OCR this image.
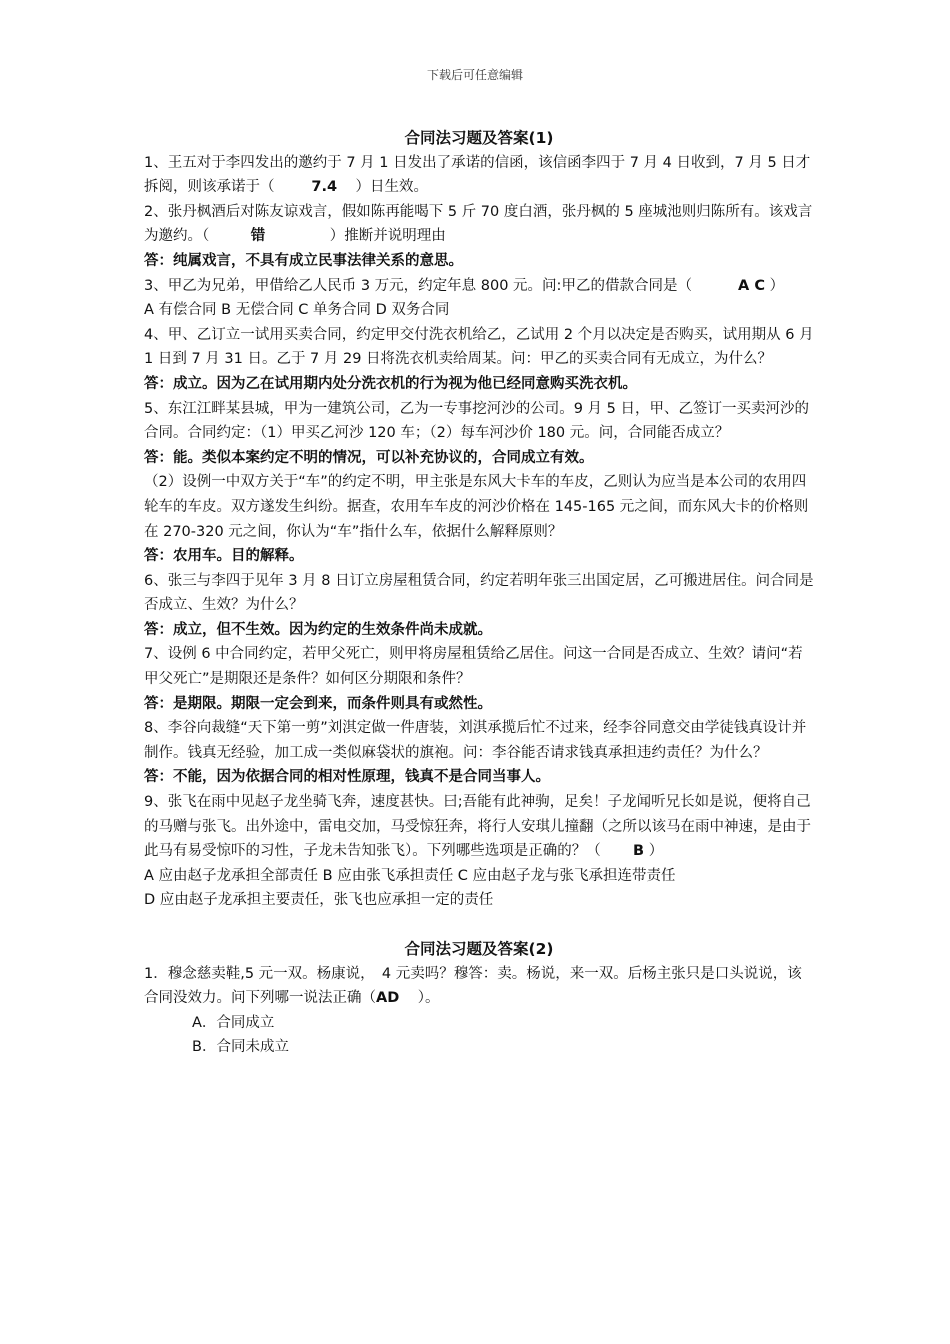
下载后可任意编辑

合同法习题及答案(1)

1、王五对于李四发出的邀约于 7 月 1 日发出了承诺的信函，该信函李四于 7 月 4 日收到，7 月 5 日才拆阅，则该承诺于（	7.4 ）日生效。

2、张丹枫酒后对陈友谅戏言，假如陈再能喝下 5 斤 70 度白酒，张丹枫的 5 座城池则归陈所有。该戏言为邀约。（	错	）推断并说明理由

答：纯属戏言，不具有成立民事法律关系的意思。

3、甲乙为兄弟，甲借给乙人民币 3 万元，约定年息 800 元。问:甲乙的借款合同是（	A C ）

A 有偿合同 B 无偿合同 C 单务合同 D 双务合同

4、甲、乙订立一试用买卖合同，约定甲交付洗衣机给乙，乙试用 2 个月以决定是否购买，试用期从 6 月 1 日到 7 月 31 日。乙于 7 月 29 日将洗衣机卖给周某。问：甲乙的买卖合同有无成立，为什么？

答：成立。因为乙在试用期内处分洗衣机的行为视为他已经同意购买洗衣机。

5、东江江畔某县城，甲为一建筑公司，乙为一专事挖河沙的公司。9 月 5 日，甲、乙签订一买卖河沙的合同。合同约定：（1）甲买乙河沙 120 车；（2）每车河沙价 180 元。问，合同能否成立？

答：能。类似本案约定不明的情况，可以补充协议的，合同成立有效。

（2）设例一中双方关于“车”的约定不明，甲主张是东风大卡车的车皮，乙则认为应当是本公司的农用四轮车的车皮。双方遂发生纠纷。据查，农用车车皮的河沙价格在 145-165 元之间，而东风大卡的价格则在 270-320 元之间，你认为“车”指什么车，依据什么解释原则？

答：农用车。目的解释。

6、张三与李四于见年 3 月 8 日订立房屋租赁合同，约定若明年张三出国定居，乙可搬进居住。问合同是否成立、生效？为什么？

答：成立，但不生效。因为约定的生效条件尚未成就。

7、设例 6 中合同约定，若甲父死亡，则甲将房屋租赁给乙居住。问这一合同是否成立、生效？请问“若甲父死亡”是期限还是条件？如何区分期限和条件？

答：是期限。期限一定会到来，而条件则具有或然性。

8、李谷向裁缝“天下第一剪”刘淇定做一件唐装，刘淇承揽后忙不过来，经李谷同意交由学徒钱真设计并制作。钱真无经验，加工成一类似麻袋状的旗袍。问：李谷能否请求钱真承担违约责任？为什么？

答：不能，因为依据合同的相对性原理，钱真不是合同当事人。

9、张飞在雨中见赵子龙坐骑飞奔，速度甚快。曰;吾能有此神驹，足矣！子龙闻听兄长如是说，便将自己的马赠与张飞。出外途中，雷电交加，马受惊狂奔，将行人安琪儿撞翻（之所以该马在雨中神速，是由于此马有易受惊吓的习性，子龙未告知张飞）。下列哪些选项是正确的？（ B ）

A 应由赵子龙承担全部责任 B 应由张飞承担责任 C 应由赵子龙与张飞承担连带责任

D 应由赵子龙承担主要责任，张飞也应承担一定的责任

合同法习题及答案(2)

1．穆念慈卖鞋,5 元一双。杨康说，　4 元卖吗？穆答：卖。杨说，来一双。后杨主张只是口头说说，该合同没效力。问下列哪一说法正确（AD ）。

A．合同成立

B．合同未成立
